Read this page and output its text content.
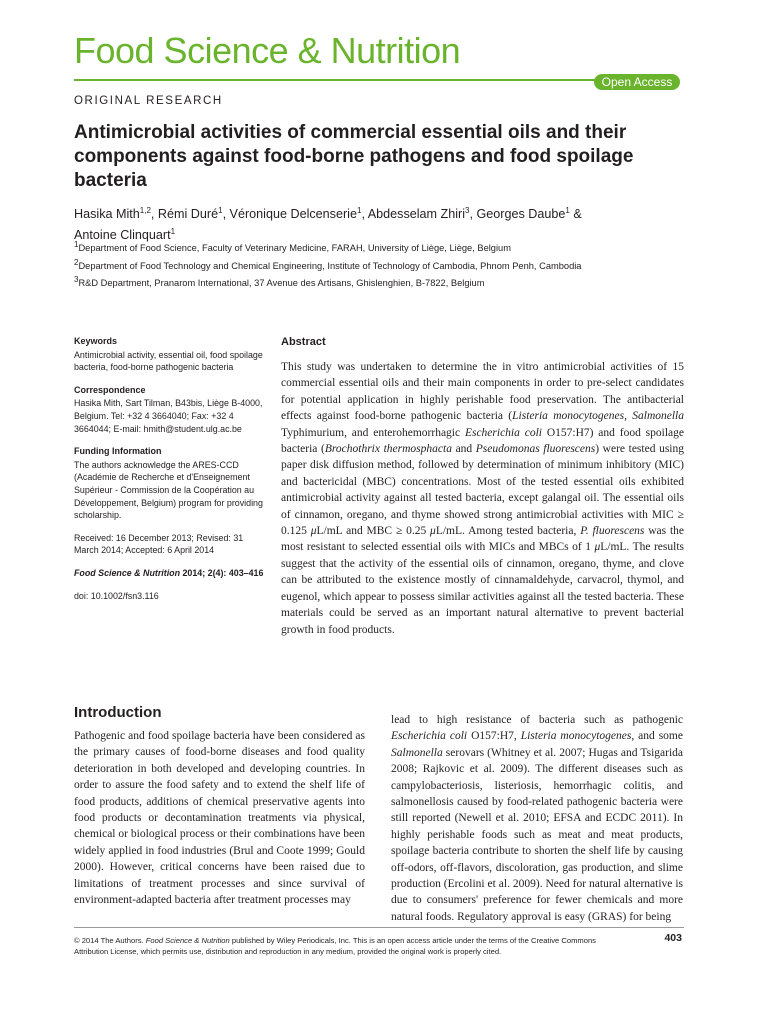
Food Science & Nutrition
Open Access
ORIGINAL RESEARCH
Antimicrobial activities of commercial essential oils and their components against food-borne pathogens and food spoilage bacteria
Hasika Mith$^{1,2}$, Rémi Duré$^1$, Véronique Delcenserie$^1$, Abdesselam Zhiri$^3$, Georges Daube$^1$ &
Antoine Clinquart$^1$
$^1$Department of Food Science, Faculty of Veterinary Medicine, FARAH, University of Liège, Liège, Belgium
$^2$Department of Food Technology and Chemical Engineering, Institute of Technology of Cambodia, Phnom Penh, Cambodia
$^3$R&D Department, Pranarom International, 37 Avenue des Artisans, Ghislenghien, B-7822, Belgium
Keywords
Antimicrobial activity, essential oil, food spoilage bacteria, food-borne pathogenic bacteria
Correspondence
Hasika Mith, Sart Tilman, B43bis, Liège B-4000, Belgium. Tel: +32 4 3664040; Fax: +32 4 3664044; E-mail: hmith@student.ulg.ac.be
Funding Information
The authors acknowledge the ARES-CCD (Académie de Recherche et d'Enseignement Supérieur - Commission de la Coopération au Développement, Belgium) program for providing scholarship.
Received: 16 December 2013; Revised: 31 March 2014; Accepted: 6 April 2014
Food Science & Nutrition 2014; 2(4): 403–416
doi: 10.1002/fsn3.116
Abstract
This study was undertaken to determine the in vitro antimicrobial activities of 15 commercial essential oils and their main components in order to pre-select candidates for potential application in highly perishable food preservation. The antibacterial effects against food-borne pathogenic bacteria (Listeria monocytogenes, Salmonella Typhimurium, and enterohemorrhagic Escherichia coli O157:H7) and food spoilage bacteria (Brochothrix thermosphacta and Pseudomonas fluorescens) were tested using paper disk diffusion method, followed by determination of minimum inhibitory (MIC) and bactericidal (MBC) concentrations. Most of the tested essential oils exhibited antimicrobial activity against all tested bacteria, except galangal oil. The essential oils of cinnamon, oregano, and thyme showed strong antimicrobial activities with MIC ≥ 0.125 μL/mL and MBC ≥ 0.25 μL/mL. Among tested bacteria, P. fluorescens was the most resistant to selected essential oils with MICs and MBCs of 1 μL/mL. The results suggest that the activity of the essential oils of cinnamon, oregano, thyme, and clove can be attributed to the existence mostly of cinnamaldehyde, carvacrol, thymol, and eugenol, which appear to possess similar activities against all the tested bacteria. These materials could be served as an important natural alternative to prevent bacterial growth in food products.
Introduction
Pathogenic and food spoilage bacteria have been considered as the primary causes of food-borne diseases and food quality deterioration in both developed and developing countries. In order to assure the food safety and to extend the shelf life of food products, additions of chemical preservative agents into food products or decontamination treatments via physical, chemical or biological process or their combinations have been widely applied in food industries (Brul and Coote 1999; Gould 2000). However, critical concerns have been raised due to limitations of treatment processes and since survival of environment-adapted bacteria after treatment processes may
lead to high resistance of bacteria such as pathogenic Escherichia coli O157:H7, Listeria monocytogenes, and some Salmonella serovars (Whitney et al. 2007; Hugas and Tsigarida 2008; Rajkovic et al. 2009). The different diseases such as campylobacteriosis, listeriosis, hemorrhagic colitis, and salmonellosis caused by food-related pathogenic bacteria were still reported (Newell et al. 2010; EFSA and ECDC 2011). In highly perishable foods such as meat and meat products, spoilage bacteria contribute to shorten the shelf life by causing off-odors, off-flavors, discoloration, gas production, and slime production (Ercolini et al. 2009). Need for natural alternative is due to consumers' preference for fewer chemicals and more natural foods. Regulatory approval is easy (GRAS) for being
© 2014 The Authors. Food Science & Nutrition published by Wiley Periodicals, Inc. This is an open access article under the terms of the Creative Commons Attribution License, which permits use, distribution and reproduction in any medium, provided the original work is properly cited.
403
